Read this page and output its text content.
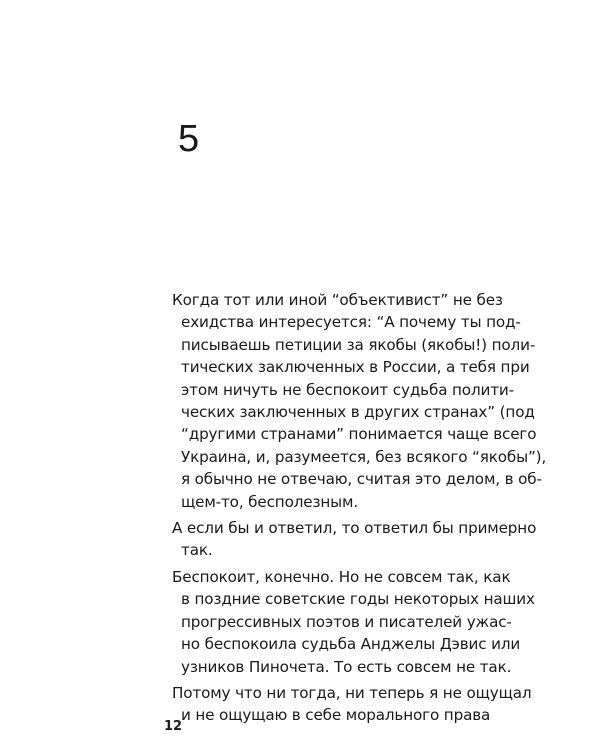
5

Когда тот или иной “объективист” не без
ехидства интересуется: “А почему ты под-
писываешь петиции за якобы (якобы!) поли-
тических заключенных в России, а тебя при
этом ничуть не беспокоит судьба полити-
ческих заключенных в других странах” (под
“другими странами” понимается чаще всего
Украина, и, разумеется, без всякого “якобы”),
я обычно не отвечаю, считая это делом, в об-
щем-то, бесполезным.

А если бы и ответил, то ответил бы примерно
так.

Беспокоит, конечно. Но не совсем так, как
в поздние советские годы некоторых наших
прогрессивных поэтов и писателей ужас-
но беспокоила судьба Анджелы Дэвис или
узников Пиночета. То есть совсем не так.

Потому что ни тогда, ни теперь я не ощущал
и не ощущаю в себе морального права

12
